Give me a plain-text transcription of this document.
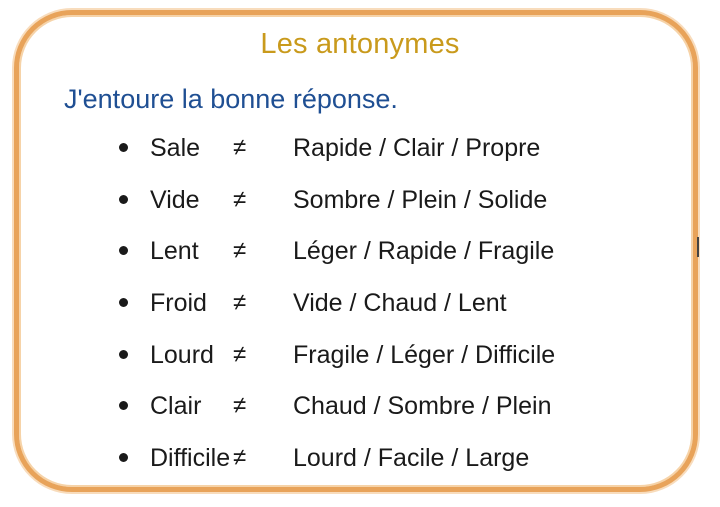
Les antonymes
J'entoure la bonne réponse.
Sale ≠ Rapide / Clair / Propre
Vide ≠ Sombre / Plein / Solide
Lent ≠ Léger / Rapide / Fragile
Froid ≠ Vide / Chaud / Lent
Lourd ≠ Fragile / Léger / Difficile
Clair ≠ Chaud / Sombre / Plein
Difficile ≠ Lourd / Facile / Large
